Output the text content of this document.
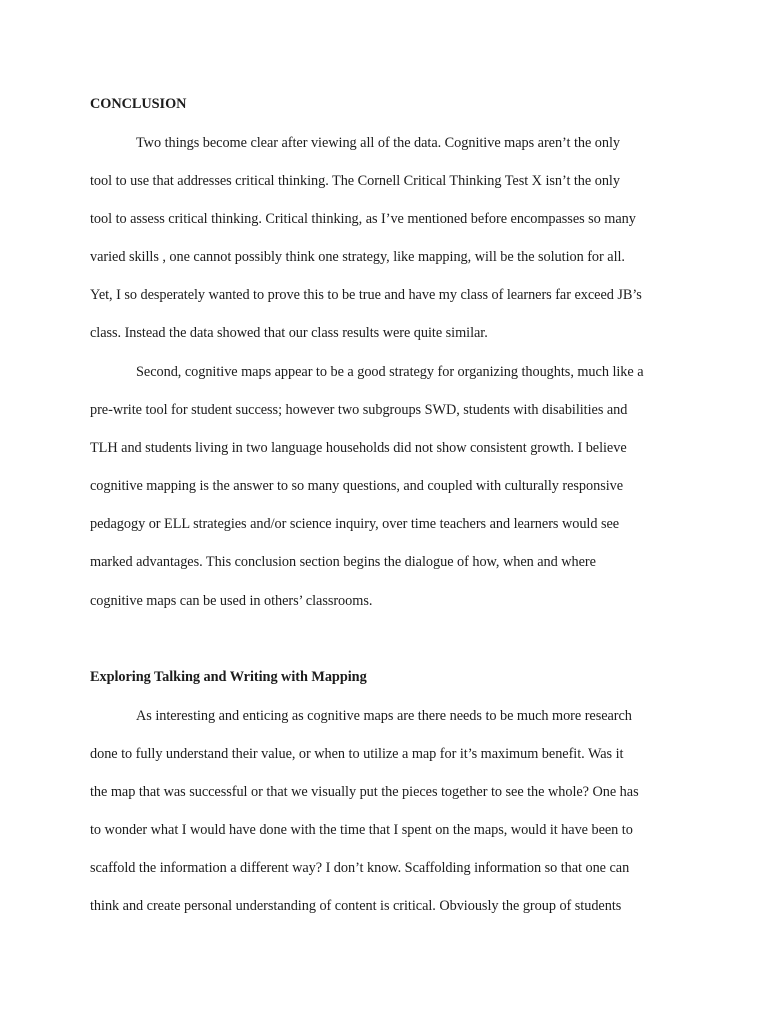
CONCLUSION
Two things become clear after viewing all of the data. Cognitive maps aren’t the only
tool to use that addresses critical thinking. The Cornell Critical Thinking Test X isn’t the only
tool to assess critical thinking. Critical thinking, as I’ve mentioned before encompasses so many
varied skills , one cannot possibly think one strategy, like mapping, will be the solution for all.
Yet, I so desperately wanted to prove this to be true and have my class of learners far exceed JB’s
class. Instead the data showed that our class results were quite similar.
Second, cognitive maps appear to be a good strategy for organizing thoughts, much like a
pre-write tool for student success; however two subgroups SWD, students with disabilities and
TLH and students living in two language households did not show consistent growth. I believe
cognitive mapping is the answer to so many questions, and coupled with culturally responsive
pedagogy or ELL strategies and/or science inquiry, over time teachers and learners would see
marked advantages. This conclusion section begins the dialogue of how, when and where
cognitive maps can be used in others’ classrooms.
Exploring Talking and Writing with Mapping
As interesting and enticing as cognitive maps are there needs to be much more research
done to fully understand their value, or when to utilize a map for it’s maximum benefit. Was it
the map that was successful or that we visually put the pieces together to see the whole? One has
to wonder what I would have done with the time that I spent on the maps, would it have been to
scaffold the information a different way? I don’t know. Scaffolding information so that one can
think and create personal understanding of content is critical. Obviously the group of students
